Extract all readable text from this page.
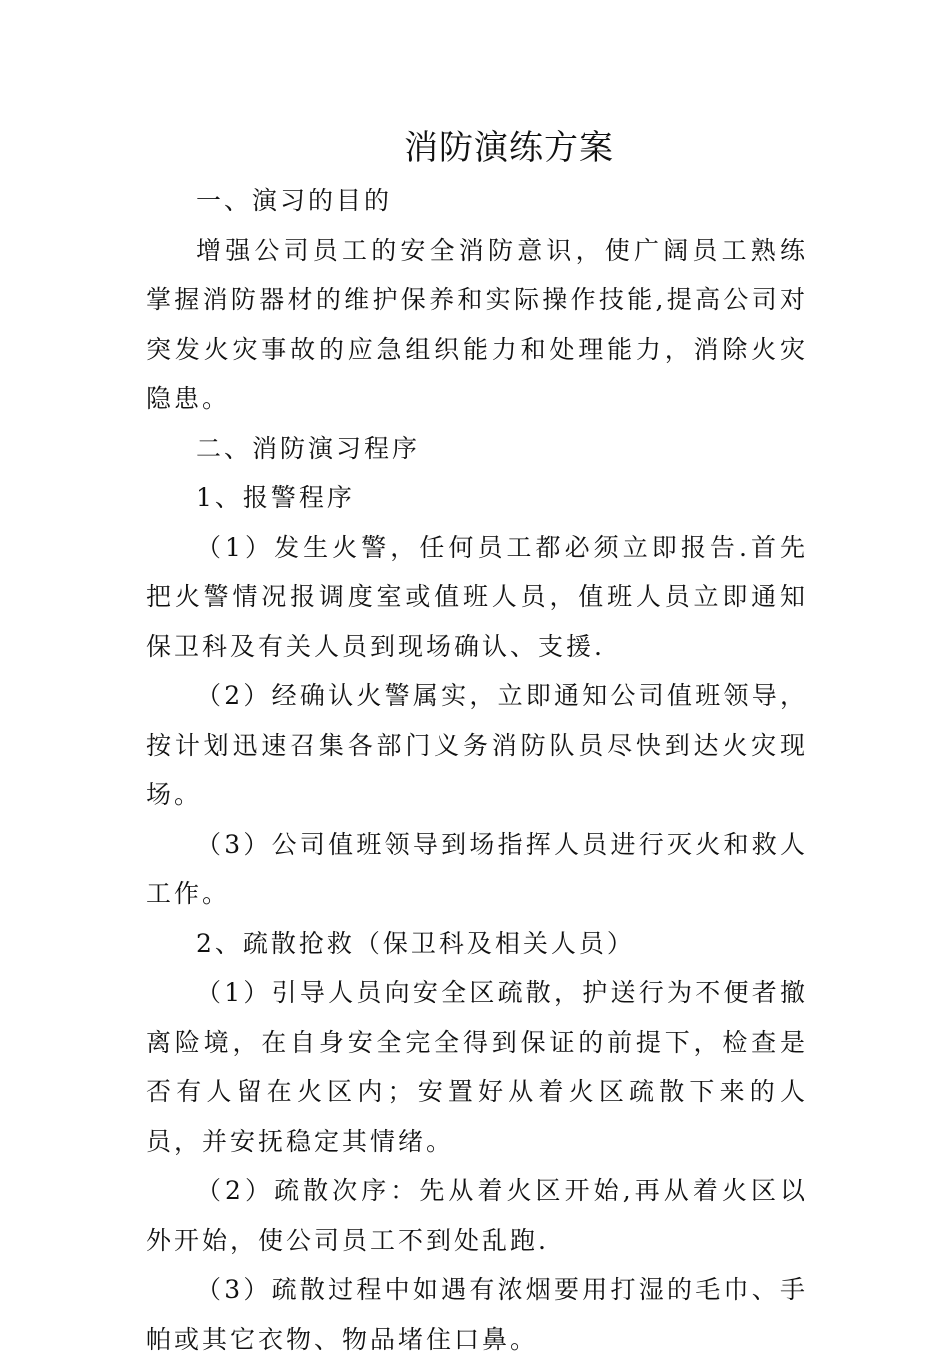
消防演练方案

一、演习的目的

增强公司员工的安全消防意识，使广阔员工熟练掌握消防器材的维护保养和实际操作技能,提高公司对突发火灾事故的应急组织能力和处理能力，消除火灾隐患。

二、消防演习程序

1、报警程序

（1）发生火警，任何员工都必须立即报告.首先把火警情况报调度室或值班人员，值班人员立即通知保卫科及有关人员到现场确认、支援.

（2）经确认火警属实，立即通知公司值班领导，按计划迅速召集各部门义务消防队员尽快到达火灾现场。

（3）公司值班领导到场指挥人员进行灭火和救人工作。

2、疏散抢救（保卫科及相关人员）

（1）引导人员向安全区疏散，护送行为不便者撤离险境，在自身安全完全得到保证的前提下，检查是否有人留在火区内；安置好从着火区疏散下来的人员，并安抚稳定其情绪。

（2）疏散次序：先从着火区开始,再从着火区以外开始，使公司员工不到处乱跑.

（3）疏散过程中如遇有浓烟要用打湿的毛巾、手帕或其它衣物、物品堵住口鼻。
